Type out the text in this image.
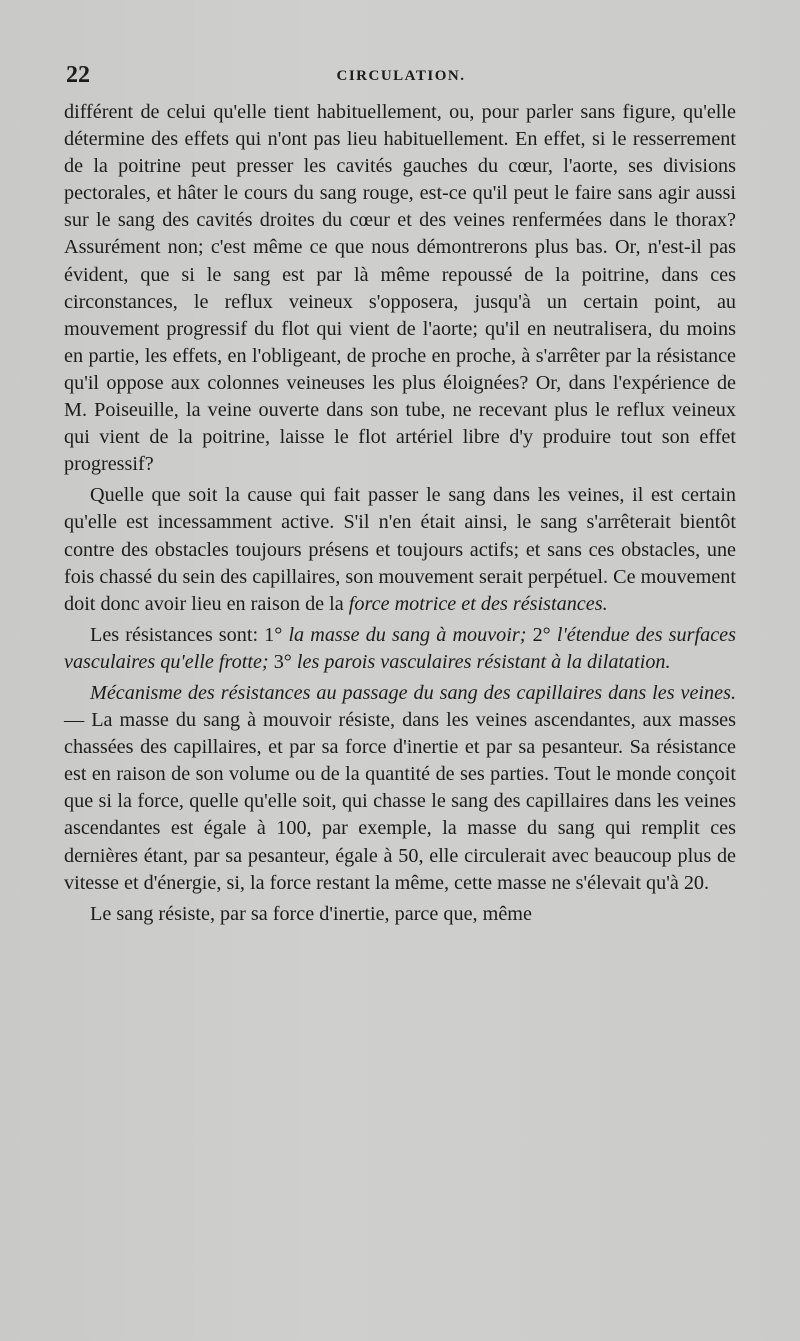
22	CIRCULATION.

différent de celui qu'elle tient habituellement, ou, pour parler sans figure, qu'elle détermine des effets qui n'ont pas lieu habituellement. En effet, si le resserrement de la poitrine peut presser les cavités gauches du cœur, l'aorte, ses divisions pectorales, et hâter le cours du sang rouge, est-ce qu'il peut le faire sans agir aussi sur le sang des cavités droites du cœur et des veines renfermées dans le thorax? Assurément non; c'est même ce que nous démontrerons plus bas. Or, n'est-il pas évident, que si le sang est par là même repoussé de la poitrine, dans ces circonstances, le reflux veineux s'opposera, jusqu'à un certain point, au mouvement progressif du flot qui vient de l'aorte; qu'il en neutralisera, du moins en partie, les effets, en l'obligeant, de proche en proche, à s'arrêter par la résistance qu'il oppose aux colonnes veineuses les plus éloignées? Or, dans l'expérience de M. Poiseuille, la veine ouverte dans son tube, ne recevant plus le reflux veineux qui vient de la poitrine, laisse le flot artériel libre d'y produire tout son effet progressif?

Quelle que soit la cause qui fait passer le sang dans les veines, il est certain qu'elle est incessamment active. S'il n'en était ainsi, le sang s'arrêterait bientôt contre des obstacles toujours présens et toujours actifs; et sans ces obstacles, une fois chassé du sein des capillaires, son mouvement serait perpétuel. Ce mouvement doit donc avoir lieu en raison de la force motrice et des résistances.

Les résistances sont: 1° la masse du sang à mouvoir; 2° l'étendue des surfaces vasculaires qu'elle frotte; 3° les parois vasculaires résistant à la dilatation.

Mécanisme des résistances au passage du sang des capillaires dans les veines. — La masse du sang à mouvoir résiste, dans les veines ascendantes, aux masses chassées des capillaires, et par sa force d'inertie et par sa pesanteur. Sa résistance est en raison de son volume ou de la quantité de ses parties. Tout le monde conçoit que si la force, quelle qu'elle soit, qui chasse le sang des capillaires dans les veines ascendantes est égale à 100, par exemple, la masse du sang qui remplit ces dernières étant, par sa pesanteur, égale à 50, elle circulerait avec beaucoup plus de vitesse et d'énergie, si, la force restant la même, cette masse ne s'élevait qu'à 20.

Le sang résiste, par sa force d'inertie, parce que, même
